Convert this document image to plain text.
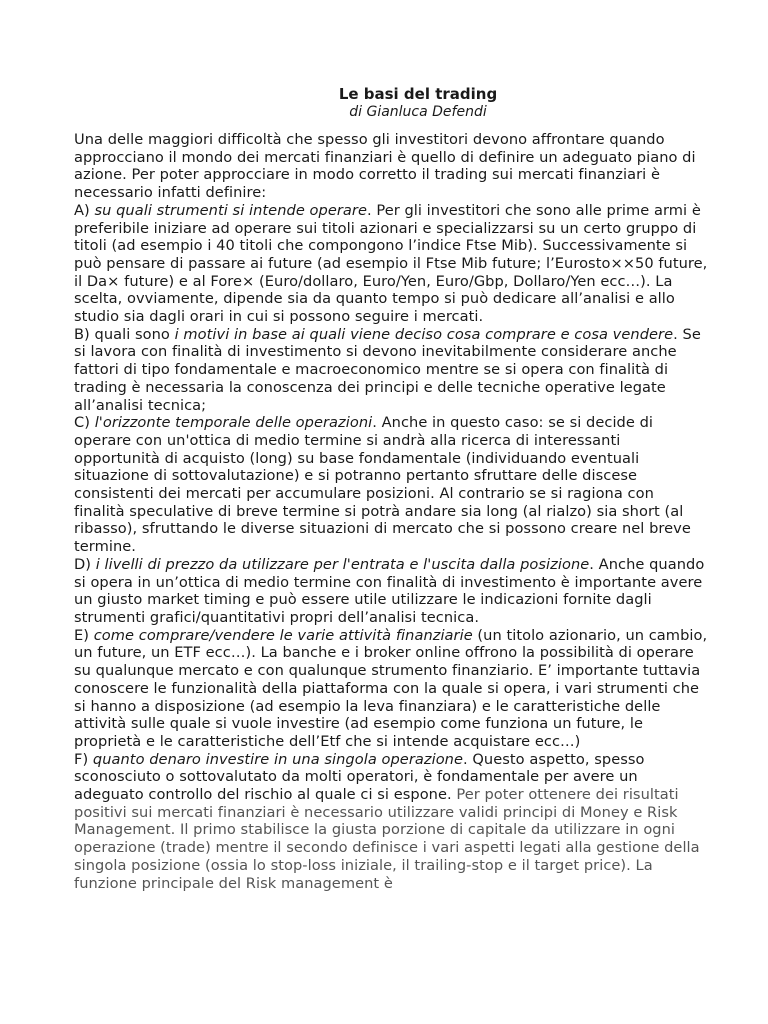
Le basi del trading
di Gianluca Defendi

Una delle maggiori difficoltà che spesso gli investitori devono affrontare quando approcciano il mondo dei mercati finanziari è quello di definire un adeguato piano di azione. Per poter approcciare in modo corretto il trading sui mercati finanziari è necessario infatti definire:

A) su quali strumenti si intende operare. Per gli investitori che sono alle prime armi è preferibile iniziare ad operare sui titoli azionari e specializzarsi su un certo gruppo di titoli (ad esempio i 40 titoli che compongono l’indice Ftse Mib). Successivamente si può pensare di passare ai future (ad esempio il Ftse Mib future; l’Eurosto××50 future, il Da× future) e al Fore× (Euro/dollaro, Euro/Yen, Euro/Gbp, Dollaro/Yen ecc…). La scelta, ovviamente, dipende sia da quanto tempo si può dedicare all’analisi e allo studio sia dagli orari in cui si possono seguire i mercati.

B) quali sono i motivi in base ai quali viene deciso cosa comprare e cosa vendere. Se si lavora con finalità di investimento si devono inevitabilmente considerare anche fattori di tipo fondamentale e macroeconomico mentre se si opera con finalità di trading è necessaria la conoscenza dei principi e delle tecniche operative legate all’analisi tecnica;

C) l'orizzonte temporale delle operazioni. Anche in questo caso: se si decide di operare con un'ottica di medio termine si andrà alla ricerca di interessanti opportunità di acquisto (long) su base fondamentale (individuando eventuali situazione di sottovalutazione) e si potranno pertanto sfruttare delle discese consistenti dei mercati per accumulare posizioni. Al contrario se si ragiona con finalità speculative di breve termine si potrà andare sia long (al rialzo) sia short (al ribasso), sfruttando le diverse situazioni di mercato che si possono creare nel breve termine.

D) i livelli di prezzo da utilizzare per l'entrata e l'uscita dalla posizione. Anche quando si opera in un’ottica di medio termine con finalità di investimento è importante avere un giusto market timing e può essere utile utilizzare le indicazioni fornite dagli strumenti grafici/quantitativi propri dell’analisi tecnica.

E) come comprare/vendere le varie attività finanziarie (un titolo azionario, un cambio, un future, un ETF ecc…). La banche e i broker online offrono la possibilità di operare su qualunque mercato e con qualunque strumento finanziario. E’ importante tuttavia conoscere le funzionalità della piattaforma con la quale si opera, i vari strumenti che si hanno a disposizione (ad esempio la leva finanziara) e le caratteristiche delle attività sulle quale si vuole investire (ad esempio come funziona un future, le proprietà e le caratteristiche dell’Etf che si intende acquistare ecc…)

F) quanto denaro investire in una singola operazione. Questo aspetto, spesso sconosciuto o sottovalutato da molti operatori, è fondamentale per avere un adeguato controllo del rischio al quale ci si espone. Per poter ottenere dei risultati positivi sui mercati finanziari è necessario utilizzare validi principi di Money e Risk Management. Il primo stabilisce la giusta porzione di capitale da utilizzare in ogni operazione (trade) mentre il secondo definisce i vari aspetti legati alla gestione della singola posizione (ossia lo stop-loss iniziale, il trailing-stop e il target price). La funzione principale del Risk management è
